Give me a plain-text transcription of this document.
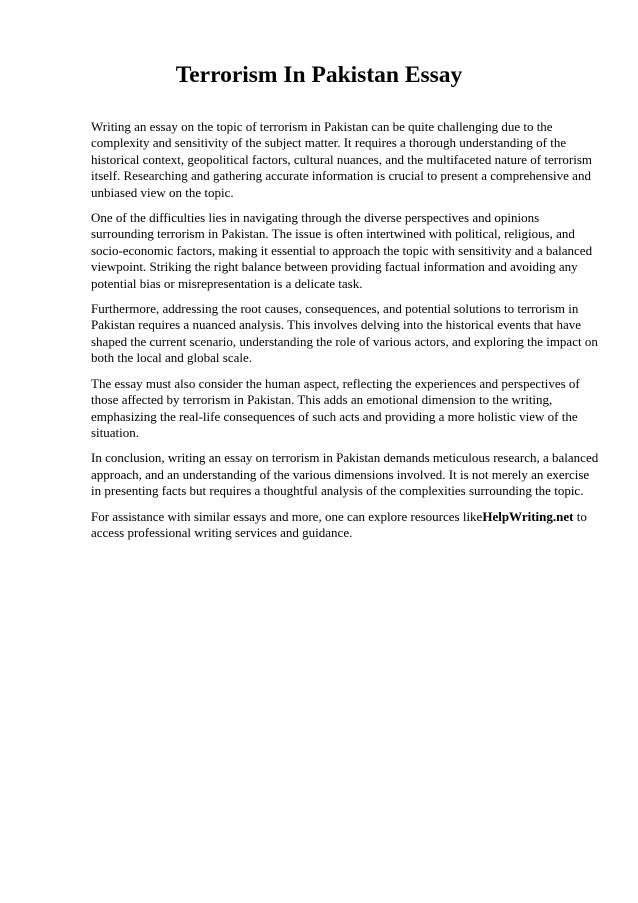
Terrorism In Pakistan Essay

Writing an essay on the topic of terrorism in Pakistan can be quite challenging due to the complexity and sensitivity of the subject matter. It requires a thorough understanding of the historical context, geopolitical factors, cultural nuances, and the multifaceted nature of terrorism itself. Researching and gathering accurate information is crucial to present a comprehensive and unbiased view on the topic.

One of the difficulties lies in navigating through the diverse perspectives and opinions surrounding terrorism in Pakistan. The issue is often intertwined with political, religious, and socio-economic factors, making it essential to approach the topic with sensitivity and a balanced viewpoint. Striking the right balance between providing factual information and avoiding any potential bias or misrepresentation is a delicate task.

Furthermore, addressing the root causes, consequences, and potential solutions to terrorism in Pakistan requires a nuanced analysis. This involves delving into the historical events that have shaped the current scenario, understanding the role of various actors, and exploring the impact on both the local and global scale.

The essay must also consider the human aspect, reflecting the experiences and perspectives of those affected by terrorism in Pakistan. This adds an emotional dimension to the writing, emphasizing the real-life consequences of such acts and providing a more holistic view of the situation.

In conclusion, writing an essay on terrorism in Pakistan demands meticulous research, a balanced approach, and an understanding of the various dimensions involved. It is not merely an exercise in presenting facts but requires a thoughtful analysis of the complexities surrounding the topic.

For assistance with similar essays and more, one can explore resources likeHelpWriting.net to access professional writing services and guidance.
